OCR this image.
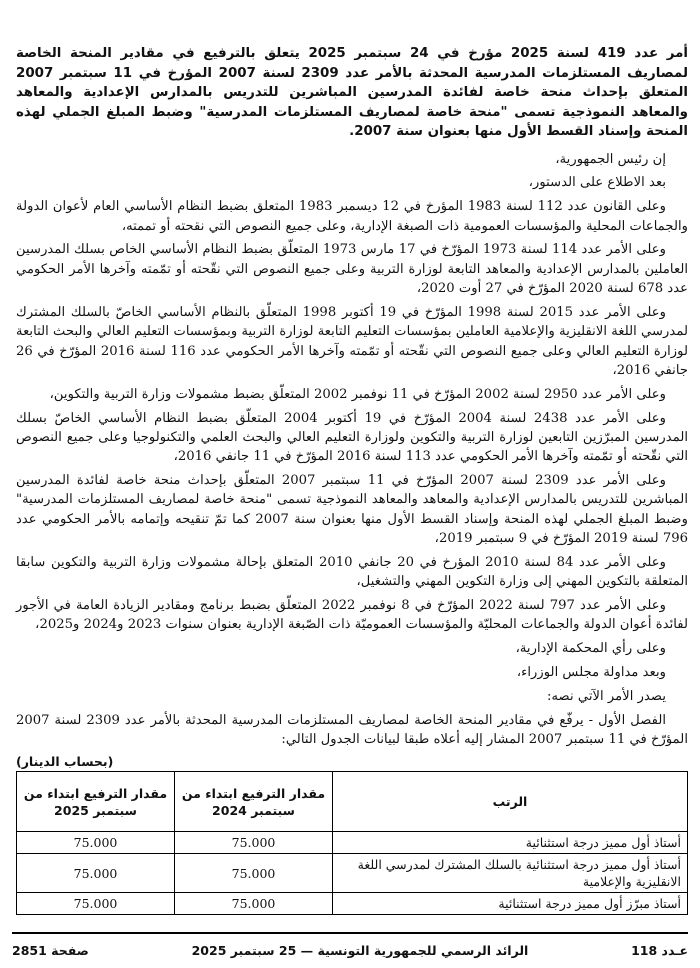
أمر عدد 419 لسنة 2025 مؤرخ في 24 سبتمبر 2025 يتعلق بالترفيع في مقادير المنحة الخاصة لمصاريف المستلزمات المدرسية المحدثة بالأمر عدد 2309 لسنة 2007 المؤرخ في 11 سبتمبر 2007 المتعلق بإحداث منحة خاصة لفائدة المدرسين المباشرين للتدريس بالمدارس الإعدادية والمعاهد والمعاهد النموذجية تسمى "منحة خاصة لمصاريف المستلزمات المدرسية" وضبط المبلغ الجملي لهذه المنحة وإسناد القسط الأول منها بعنوان سنة 2007.

إن رئيس الجمهورية،

بعد الاطلاع على الدستور،

وعلى القانون عدد 112 لسنة 1983 المؤرخ في 12 ديسمبر 1983 المتعلق بضبط النظام الأساسي العام لأعوان الدولة والجماعات المحلية والمؤسسات العمومية ذات الصبغة الإدارية، وعلى جميع النصوص التي نقحته أو تممته،

وعلى الأمر عدد 114 لسنة 1973 المؤرّخ في 17 مارس 1973 المتعلّق بضبط النظام الأساسي الخاص بسلك المدرسين العاملين بالمدارس الإعدادية والمعاهد التابعة لوزارة التربية وعلى جميع النصوص التي نقّحته أو تمّمته وآخرها الأمر الحكومي عدد 678 لسنة 2020 المؤرّخ في 27 أوت 2020،

وعلى الأمر عدد 2015 لسنة 1998 المؤرّخ في 19 أكتوبر 1998 المتعلّق بالنظام الأساسي الخاصّ بالسلك المشترك لمدرسي اللغة الانقليزية والإعلامية العاملين بمؤسسات التعليم التابعة لوزارة التربية وبمؤسسات التعليم العالي والبحث التابعة لوزارة التعليم العالي وعلى جميع النصوص التي نقّحته أو تمّمته وآخرها الأمر الحكومي عدد 116 لسنة 2016 المؤرّخ في 26 جانفي 2016،

وعلى الأمر عدد 2950 لسنة 2002 المؤرّخ في 11 نوفمبر 2002 المتعلّق بضبط مشمولات وزارة التربية والتكوين،

وعلى الأمر عدد 2438 لسنة 2004 المؤرّخ في 19 أكتوبر 2004 المتعلّق بضبط النظام الأساسي الخاصّ بسلك المدرسين المبرّزين التابعين لوزارة التربية والتكوين ولوزارة التعليم العالي والبحث العلمي والتكنولوجيا وعلى جميع النصوص التي نقّحته أو تمّمته وآخرها الأمر الحكومي عدد 113 لسنة 2016 المؤرّخ في 11 جانفي 2016،

وعلى الأمر عدد 2309 لسنة 2007 المؤرّخ في 11 سبتمبر 2007 المتعلّق بإحداث منحة خاصة لفائدة المدرسين المباشرين للتدريس بالمدارس الإعدادية والمعاهد والمعاهد النموذجية تسمى "منحة خاصة لمصاريف المستلزمات المدرسية" وضبط المبلغ الجملي لهذه المنحة وإسناد القسط الأول منها بعنوان سنة 2007 كما تمّ تنقيحه وإتمامه بالأمر الحكومي عدد 796 لسنة 2019 المؤرّخ في 9 سبتمبر 2019،

وعلى الأمر عدد 84 لسنة 2010 المؤرخ في 20 جانفي 2010 المتعلق بإحالة مشمولات وزارة التربية والتكوين سابقا المتعلقة بالتكوين المهني إلى وزارة التكوين المهني والتشغيل،

وعلى الأمر عدد 797 لسنة 2022 المؤرّخ في 8 نوفمبر 2022 المتعلّق بضبط برنامج ومقادير الزيادة العامة في الأجور لفائدة أعوان الدولة والجماعات المحليّة والمؤسسات العموميّة ذات الصّبغة الإدارية بعنوان سنوات 2023 و2024 و2025،

وعلى رأي المحكمة الإدارية،

وبعد مداولة مجلس الوزراء،

يصدر الأمر الآتي نصه:

الفصل الأول - يرفّع في مقادير المنحة الخاصة لمصاريف المستلزمات المدرسية المحدثة بالأمر عدد 2309 لسنة 2007 المؤرّخ في 11 سبتمبر 2007 المشار إليه أعلاه طبقا لبيانات الجدول التالي:

(بحساب الدينار)

الرتب	مقدار الترفيع ابتداء من سبتمبر 2024	مقدار الترفيع ابتداء من سبتمبر 2025
أستاذ أول مميز درجة استثنائية	75.000	75.000
أستاذ أول مميز درجة استثنائية بالسلك المشترك لمدرسي اللغة الانقليزية والإعلامية	75.000	75.000
أستاذ مبرّز أول مميز درجة استثنائية	75.000	75.000
عـدد 118
الرائد الرسمي للجمهورية التونسية — 25 سبتمبر 2025
صفحة 2851
